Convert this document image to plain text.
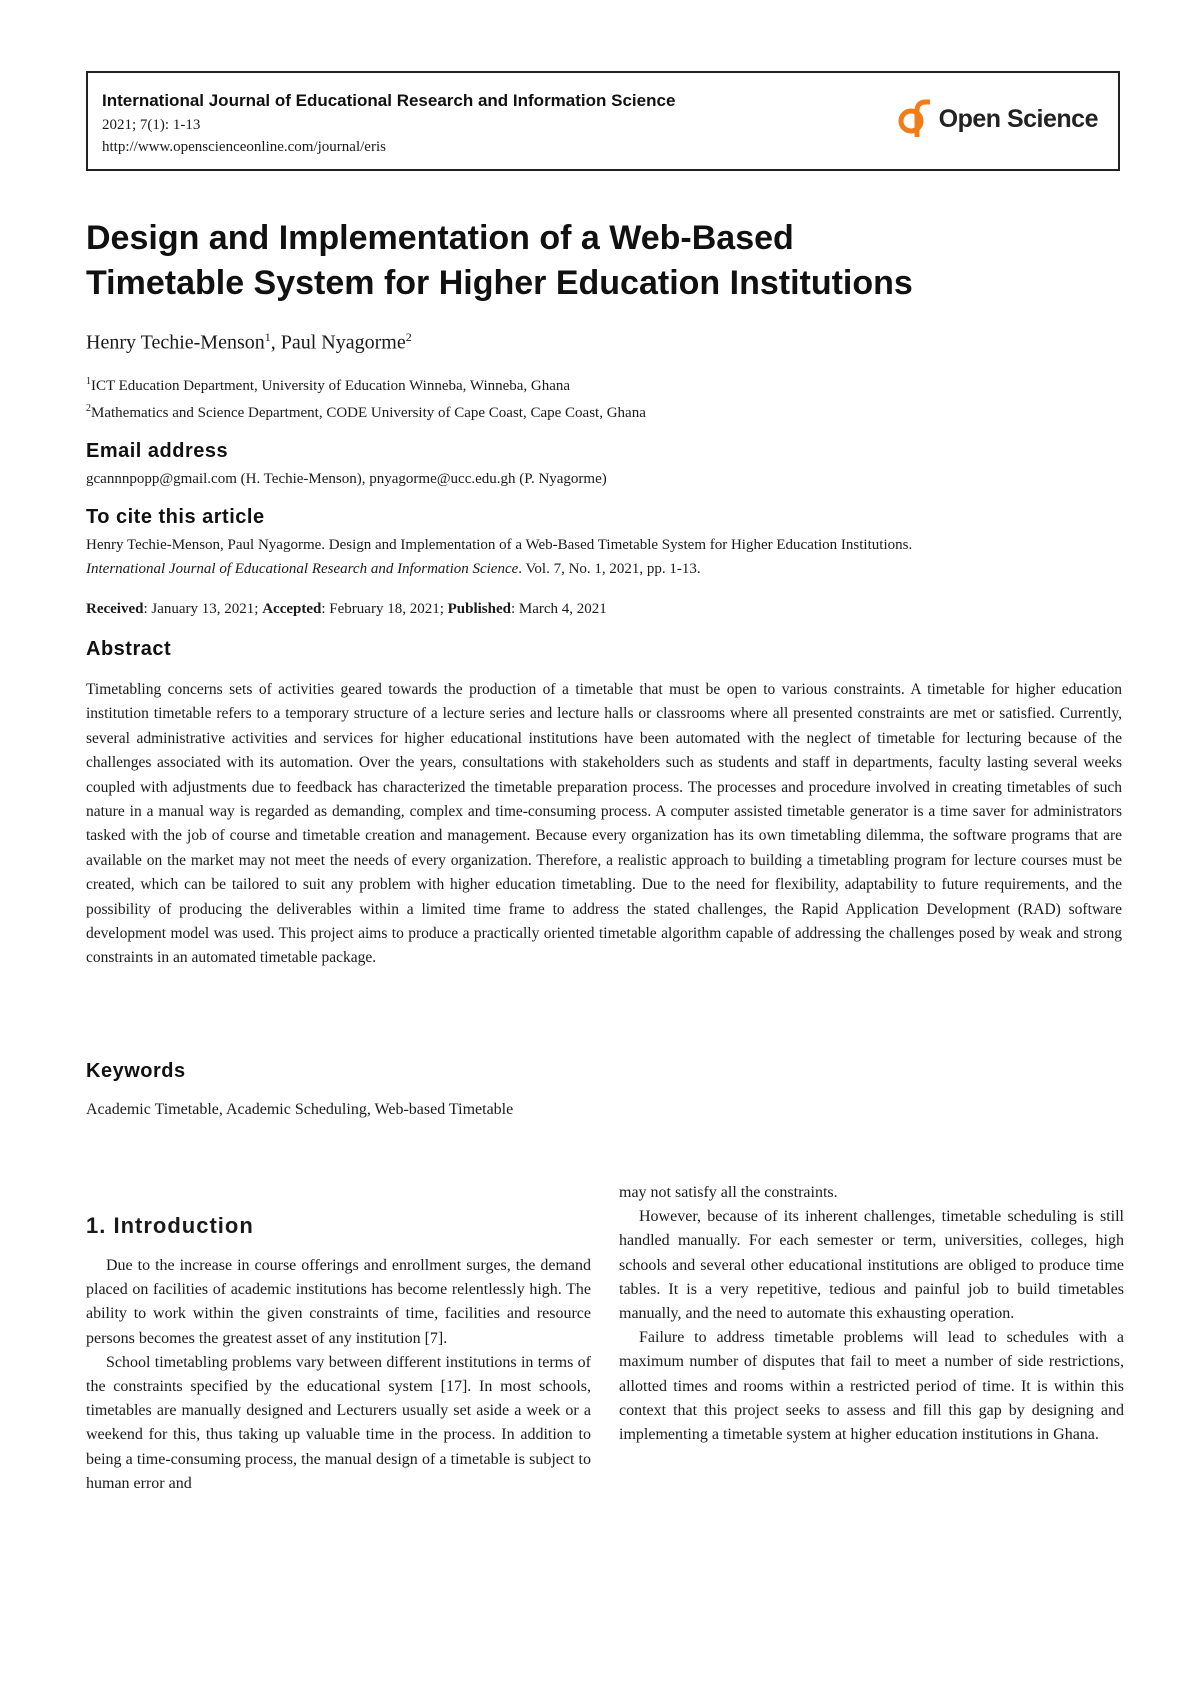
International Journal of Educational Research and Information Science
2021; 7(1): 1-13
http://www.openscienceonline.com/journal/eris
Open Science
Design and Implementation of a Web-Based
Timetable System for Higher Education Institutions
Henry Techie-Menson$^1$, Paul Nyagorme$^2$
$^1$ICT Education Department, University of Education Winneba, Winneba, Ghana
$^2$Mathematics and Science Department, CODE University of Cape Coast, Cape Coast, Ghana
Email address
gcannnpopp@gmail.com (H. Techie-Menson), pnyagorme@ucc.edu.gh (P. Nyagorme)
To cite this article
Henry Techie-Menson, Paul Nyagorme. Design and Implementation of a Web-Based Timetable System for Higher Education Institutions.
International Journal of Educational Research and Information Science. Vol. 7, No. 1, 2021, pp. 1-13.
Received: January 13, 2021; Accepted: February 18, 2021; Published: March 4, 2021
Abstract

Timetabling concerns sets of activities geared towards the production of a timetable that must be open to various constraints. A timetable for higher education institution timetable refers to a temporary structure of a lecture series and lecture halls or classrooms where all presented constraints are met or satisfied. Currently, several administrative activities and services for higher educational institutions have been automated with the neglect of timetable for lecturing because of the challenges associated with its automation. Over the years, consultations with stakeholders such as students and staff in departments, faculty lasting several weeks coupled with adjustments due to feedback has characterized the timetable preparation process. The processes and procedure involved in creating timetables of such nature in a manual way is regarded as demanding, complex and time-consuming process. A computer assisted timetable generator is a time saver for administrators tasked with the job of course and timetable creation and management. Because every organization has its own timetabling dilemma, the software programs that are available on the market may not meet the needs of every organization. Therefore, a realistic approach to building a timetabling program for lecture courses must be created, which can be tailored to suit any problem with higher education timetabling. Due to the need for flexibility, adaptability to future requirements, and the possibility of producing the deliverables within a limited time frame to address the stated challenges, the Rapid Application Development (RAD) software development model was used. This project aims to produce a practically oriented timetable algorithm capable of addressing the challenges posed by weak and strong constraints in an automated timetable package.

Keywords
Academic Timetable, Academic Scheduling, Web-based Timetable
1. Introduction

Due to the increase in course offerings and enrollment surges, the demand placed on facilities of academic institutions has become relentlessly high. The ability to work within the given constraints of time, facilities and resource persons becomes the greatest asset of any institution [7].

School timetabling problems vary between different institutions in terms of the constraints specified by the educational system [17]. In most schools, timetables are manually designed and Lecturers usually set aside a week or a weekend for this, thus taking up valuable time in the process. In addition to being a time-consuming process, the manual design of a timetable is subject to human error and

may not satisfy all the constraints.

However, because of its inherent challenges, timetable scheduling is still handled manually. For each semester or term, universities, colleges, high schools and several other educational institutions are obliged to produce time tables. It is a very repetitive, tedious and painful job to build timetables manually, and the need to automate this exhausting operation.

Failure to address timetable problems will lead to schedules with a maximum number of disputes that fail to meet a number of side restrictions, allotted times and rooms within a restricted period of time. It is within this context that this project seeks to assess and fill this gap by designing and implementing a timetable system at higher education institutions in Ghana.
